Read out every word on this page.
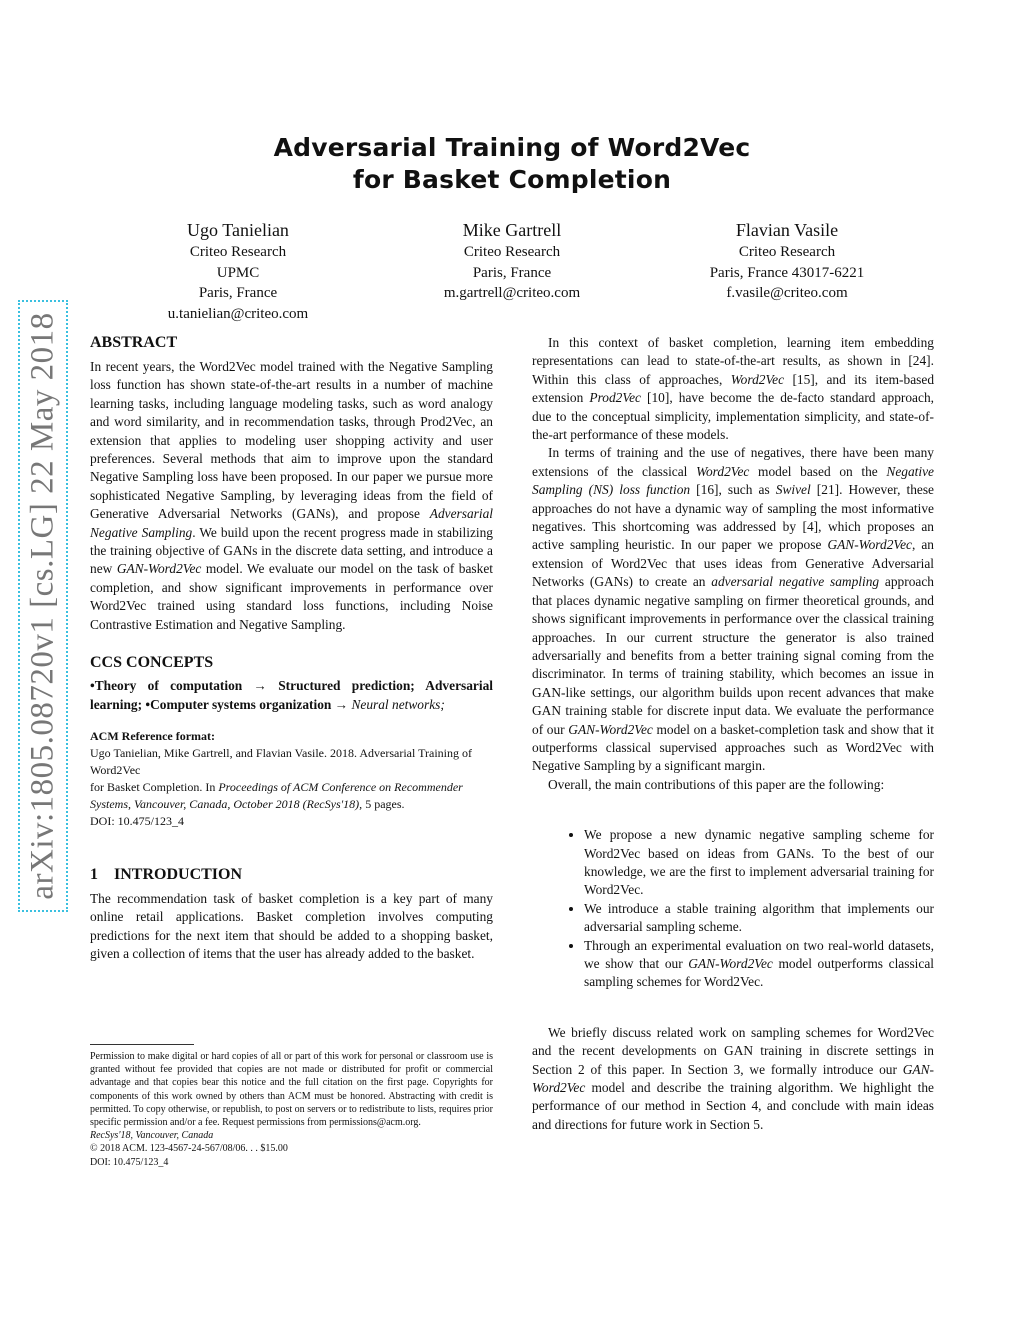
arXiv:1805.08720v1 [cs.LG] 22 May 2018
Adversarial Training of Word2Vec
for Basket Completion
Ugo Tanielian
Criteo Research
UPMC
Paris, France
u.tanielian@criteo.com
Mike Gartrell
Criteo Research
Paris, France
m.gartrell@criteo.com
Flavian Vasile
Criteo Research
Paris, France 43017-6221
f.vasile@criteo.com
ABSTRACT

In recent years, the Word2Vec model trained with the Negative Sampling loss function has shown state-of-the-art results in a number of machine learning tasks, including language modeling tasks, such as word analogy and word similarity, and in recommendation tasks, through Prod2Vec, an extension that applies to modeling user shopping activity and user preferences. Several methods that aim to improve upon the standard Negative Sampling loss have been proposed. In our paper we pursue more sophisticated Negative Sampling, by leveraging ideas from the field of Generative Adversarial Networks (GANs), and propose Adversarial Negative Sampling. We build upon the recent progress made in stabilizing the training objective of GANs in the discrete data setting, and introduce a new GAN-Word2Vec model. We evaluate our model on the task of basket completion, and show significant improvements in performance over Word2Vec trained using standard loss functions, including Noise Contrastive Estimation and Negative Sampling.

CCS CONCEPTS

•Theory of computation → Structured prediction; Adversarial learning; •Computer systems organization → Neural networks;

ACM Reference format:
Ugo Tanielian, Mike Gartrell, and Flavian Vasile. 2018. Adversarial Training of Word2Vec
for Basket Completion. In Proceedings of ACM Conference on Recommender Systems, Vancouver, Canada, October 2018 (RecSys'18), 5 pages.
DOI: 10.475/123_4
1 INTRODUCTION

The recommendation task of basket completion is a key part of many online retail applications. Basket completion involves computing predictions for the next item that should be added to a shopping basket, given a collection of items that the user has already added to the basket.

Permission to make digital or hard copies of all or part of this work for personal or classroom use is granted without fee provided that copies are not made or distributed for profit or commercial advantage and that copies bear this notice and the full citation on the first page. Copyrights for components of this work owned by others than ACM must be honored. Abstracting with credit is permitted. To copy otherwise, or republish, to post on servers or to redistribute to lists, requires prior specific permission and/or a fee. Request permissions from permissions@acm.org.

RecSys'18, Vancouver, Canada
© 2018 ACM. 123-4567-24-567/08/06. . . $15.00
DOI: 10.475/123_4

In this context of basket completion, learning item embedding representations can lead to state-of-the-art results, as shown in [24]. Within this class of approaches, Word2Vec [15], and its item-based extension Prod2Vec [10], have become the de-facto standard approach, due to the conceptual simplicity, implementation simplicity, and state-of-the-art performance of these models.

In terms of training and the use of negatives, there have been many extensions of the classical Word2Vec model based on the Negative Sampling (NS) loss function [16], such as Swivel [21]. However, these approaches do not have a dynamic way of sampling the most informative negatives. This shortcoming was addressed by [4], which proposes an active sampling heuristic. In our paper we propose GAN-Word2Vec, an extension of Word2Vec that uses ideas from Generative Adversarial Networks (GANs) to create an adversarial negative sampling approach that places dynamic negative sampling on firmer theoretical grounds, and shows significant improvements in performance over the classical training approaches. In our current structure the generator is also trained adversarially and benefits from a better training signal coming from the discriminator. In terms of training stability, which becomes an issue in GAN-like settings, our algorithm builds upon recent advances that make GAN training stable for discrete input data. We evaluate the performance of our GAN-Word2Vec model on a basket-completion task and show that it outperforms classical supervised approaches such as Word2Vec with Negative Sampling by a significant margin.

Overall, the main contributions of this paper are the following:

• We propose a new dynamic negative sampling scheme for Word2Vec based on ideas from GANs. To the best of our knowledge, we are the first to implement adversarial training for Word2Vec.
• We introduce a stable training algorithm that implements our adversarial sampling scheme.
• Through an experimental evaluation on two real-world datasets, we show that our GAN-Word2Vec model outperforms classical sampling schemes for Word2Vec.

We briefly discuss related work on sampling schemes for Word2Vec and the recent developments on GAN training in discrete settings in Section 2 of this paper. In Section 3, we formally introduce our GAN-Word2Vec model and describe the training algorithm. We highlight the performance of our method in Section 4, and conclude with main ideas and directions for future work in Section 5.
